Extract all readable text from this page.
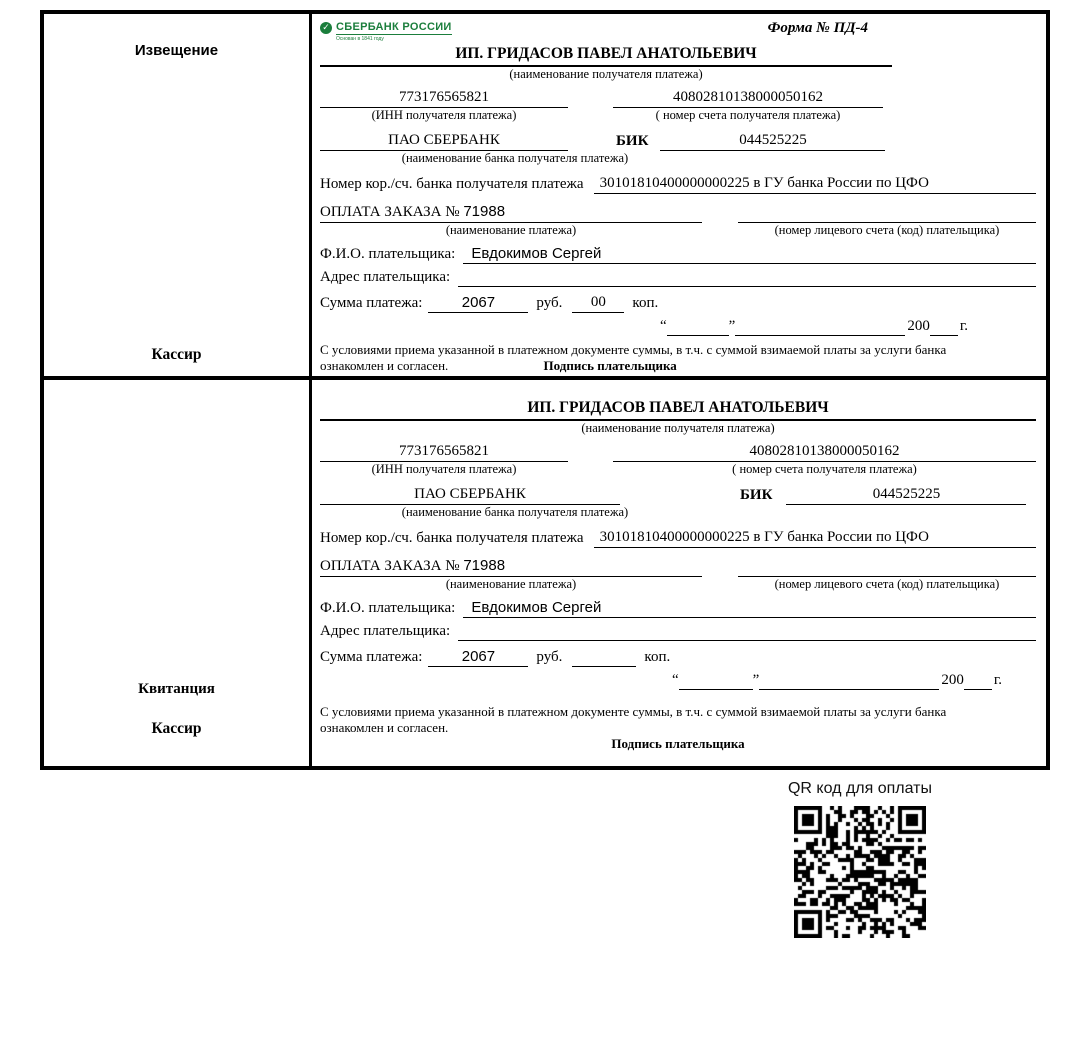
Извещение
Кассир
✓ СБЕРБАНК РОССИИ
Основан в 1841 году
Форма № ПД-4
ИП. ГРИДАСОВ ПАВЕЛ АНАТОЛЬЕВИЧ
(наименование получателя платежа)
773176565821	40802810138000050162
(ИНН получателя платежа)	( номер счета получателя платежа)
ПАО СБЕРБАНК	БИК	044525225
(наименование банка получателя платежа)
Номер кор./сч. банка получателя платежа	30101810400000000225 в ГУ банка России по ЦФО
ОПЛАТА ЗАКАЗА № 71988
(наименование платежа)	(номер лицевого счета (код) плательщика)
Ф.И.О. плательщика:	Евдокимов Сергей
Адрес плательщика:
Сумма платежа:	2067	руб.	00	коп.
“	”	200 г.
С условиями приема указанной в платежном документе суммы, в т.ч. с суммой взимаемой платы за услуги банка
ознакомлен и согласен.	Подпись плательщика
Квитанция
Кассир
ИП. ГРИДАСОВ ПАВЕЛ АНАТОЛЬЕВИЧ
(наименование получателя платежа)
773176565821	40802810138000050162
(ИНН получателя платежа)	( номер счета получателя платежа)
ПАО СБЕРБАНК	БИК	044525225
(наименование банка получателя платежа)
Номер кор./сч. банка получателя платежа	30101810400000000225 в ГУ банка России по ЦФО
ОПЛАТА ЗАКАЗА № 71988
(наименование платежа)	(номер лицевого счета (код) плательщика)
Ф.И.О. плательщика:	Евдокимов Сергей
Адрес плательщика:
Сумма платежа:	2067	руб.	коп.
“	”	200 г.
С условиями приема указанной в платежном документе суммы, в т.ч. с суммой взимаемой платы за услуги банка
ознакомлен и согласен.
Подпись плательщика
QR код для оплаты
